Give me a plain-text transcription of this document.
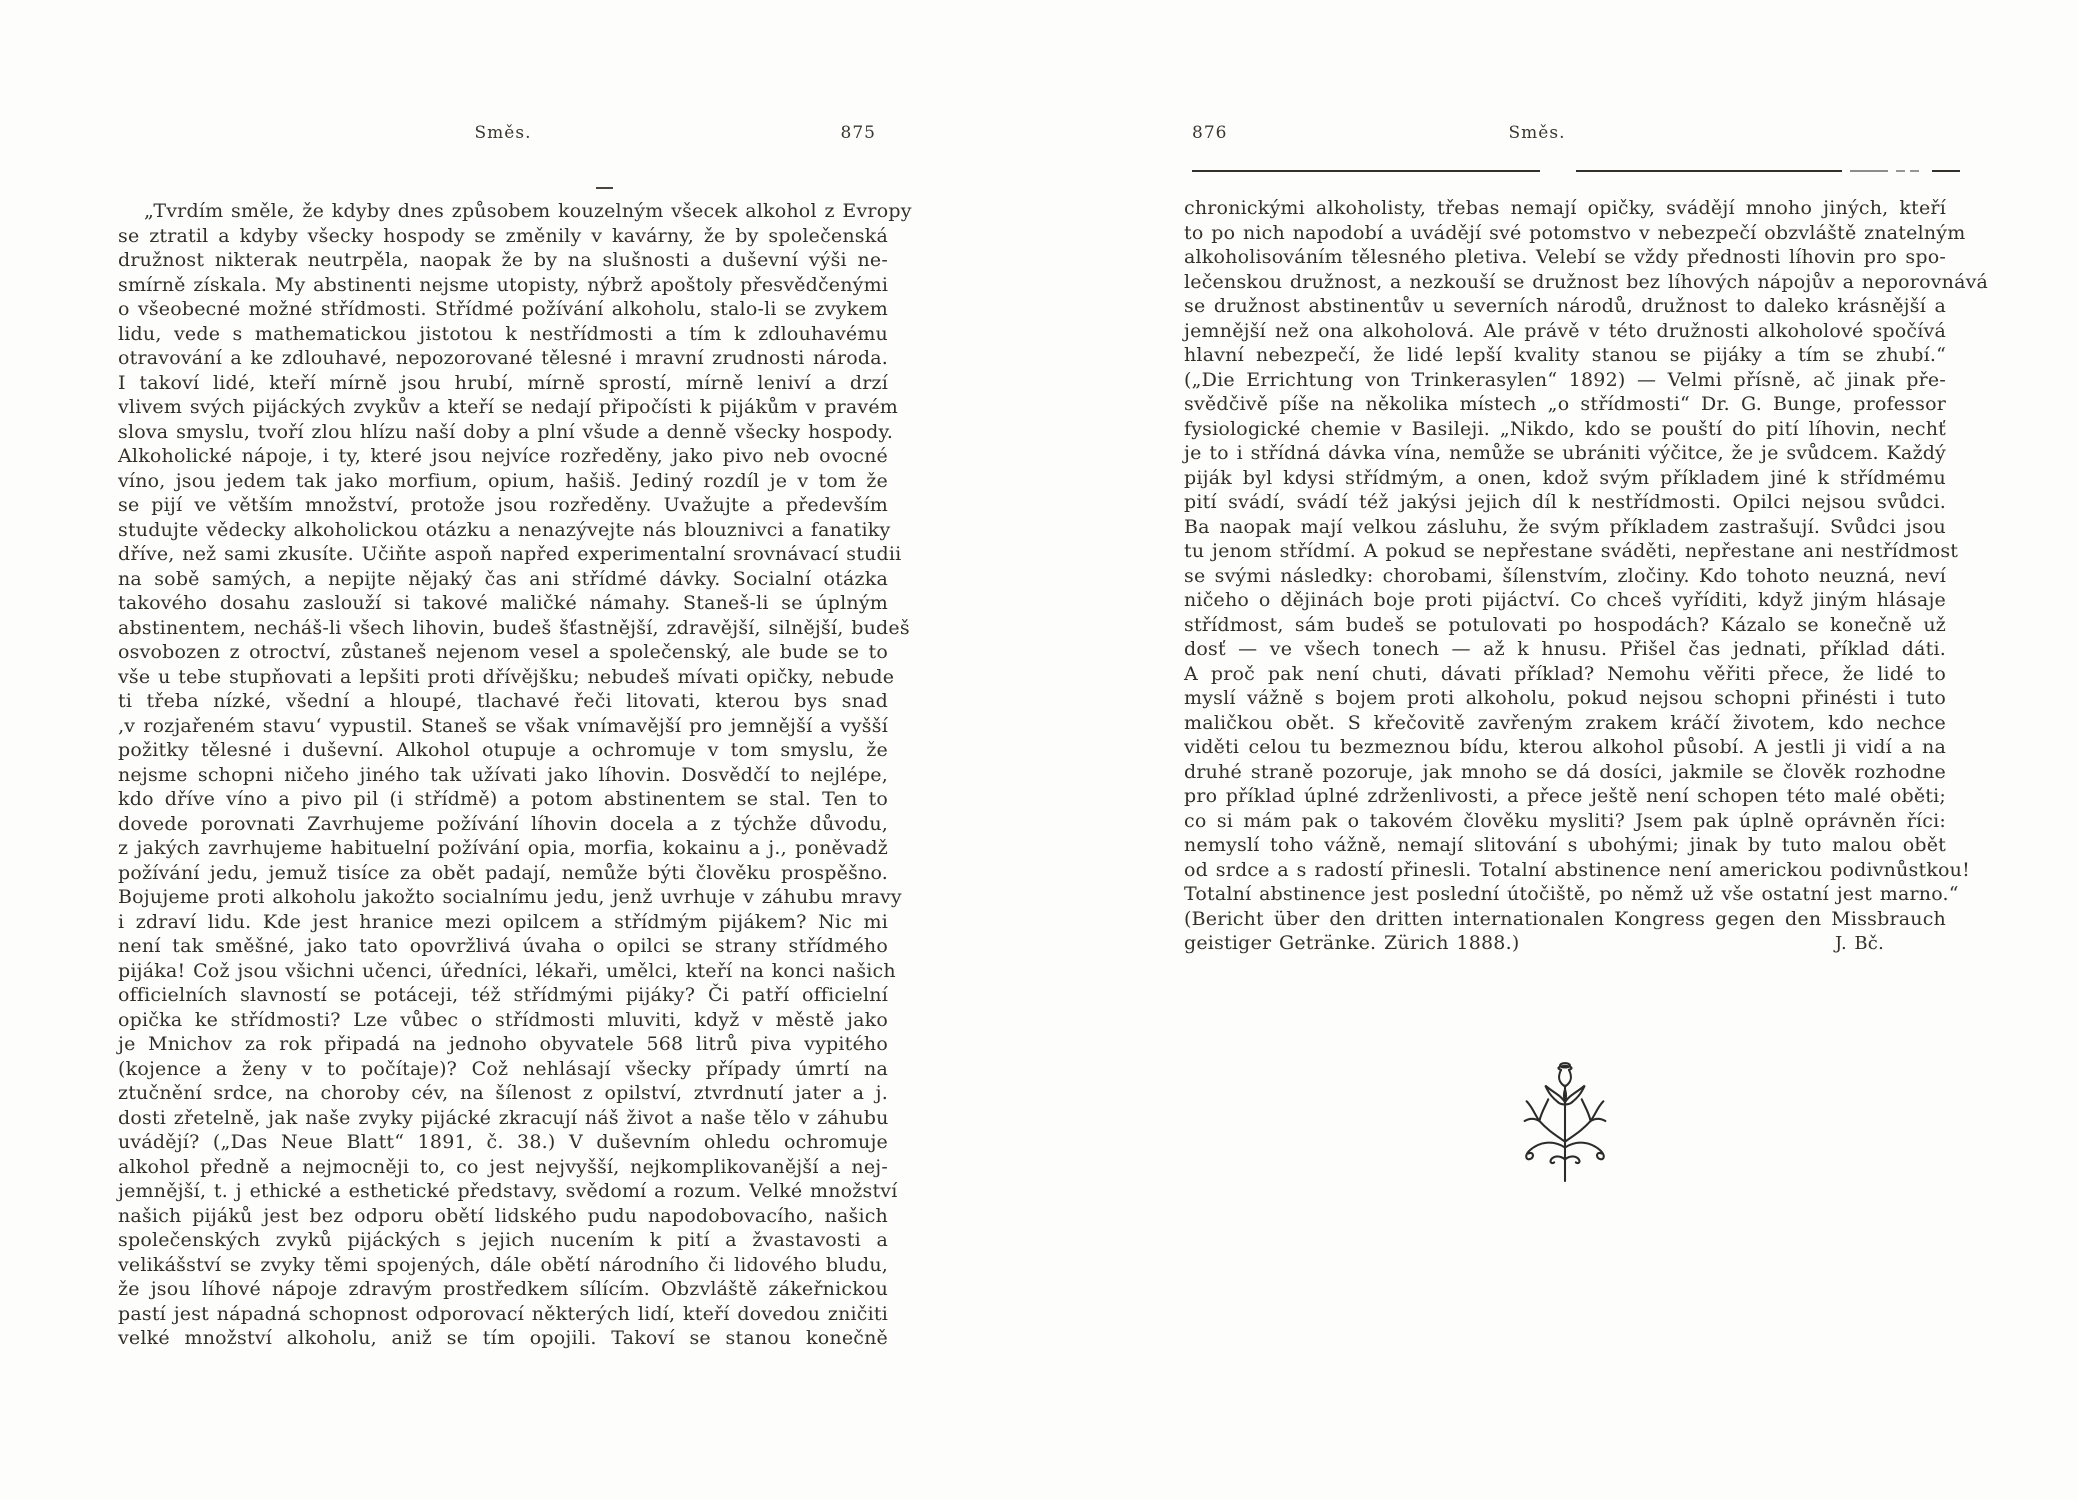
Směs.	875
„Tvrdím směle, že kdyby dnes způsobem kouzelným všecek alkohol z Evropy
se ztratil a kdyby všecky hospody se změnily v kavárny, že by společenská
družnost nikterak neutrpěla, naopak že by na slušnosti a duševní výši ne-
smírně získala. My abstinenti nejsme utopisty, nýbrž apoštoly přesvědčenými
o všeobecné možné střídmosti. Střídmé požívání alkoholu, stalo-li se zvykem
lidu, vede s mathematickou jistotou k nestřídmosti a tím k zdlouhavému
otravování a ke zdlouhavé, nepozorované tělesné i mravní zrudnosti národa.
I takoví lidé, kteří mírně jsou hrubí, mírně sprostí, mírně leniví a drzí
vlivem svých pijáckých zvykův a kteří se nedají připočísti k pijákům v pravém
slova smyslu, tvoří zlou hlízu naší doby a plní všude a denně všecky hospody.
Alkoholické nápoje, i ty, které jsou nejvíce rozředěny, jako pivo neb ovocné
víno, jsou jedem tak jako morfium, opium, hašiš. Jediný rozdíl je v tom že
se pijí ve větším množství, protože jsou rozředěny. Uvažujte a především
studujte vědecky alkoholickou otázku a nenazývejte nás blouznivci a fanatiky
dříve, než sami zkusíte. Učiňte aspoň napřed experimentalní srovnávací studii
na sobě samých, a nepijte nějaký čas ani střídmé dávky. Socialní otázka
takového dosahu zaslouží si takové maličké námahy. Staneš-li se úplným
abstinentem, necháš-li všech lihovin, budeš šťastnější, zdravější, silnější, budeš
osvobozen z otroctví, zůstaneš nejenom vesel a společenský, ale bude se to
vše u tebe stupňovati a lepšiti proti dřívějšku; nebudeš mívati opičky, nebude
ti třeba nízké, všední a hloupé, tlachavé řeči litovati, kterou bys snad
‚v rozjařeném stavu‘ vypustil. Staneš se však vnímavější pro jemnější a vyšší
požitky tělesné i duševní. Alkohol otupuje a ochromuje v tom smyslu, že
nejsme schopni ničeho jiného tak užívati jako líhovin. Dosvědčí to nejlépe,
kdo dříve víno a pivo pil (i střídmě) a potom abstinentem se stal. Ten to
dovede porovnati Zavrhujeme požívání líhovin docela a z týchže důvodu,
z jakých zavrhujeme habituelní požívání opia, morfia, kokainu a j., poněvadž
požívání jedu, jemuž tisíce za obět padají, nemůže býti člověku prospěšno.
Bojujeme proti alkoholu jakožto socialnímu jedu, jenž uvrhuje v záhubu mravy
i zdraví lidu. Kde jest hranice mezi opilcem a střídmým pijákem? Nic mi
není tak směšné, jako tato opovržlivá úvaha o opilci se strany střídmého
pijáka! Což jsou všichni učenci, úředníci, lékaři, umělci, kteří na konci našich
officielních slavností se potáceji, též střídmými pijáky? Či patří officielní
opička ke střídmosti? Lze vůbec o střídmosti mluviti, když v městě jako
je Mnichov za rok připadá na jednoho obyvatele 568 litrů piva vypitého
(kojence a ženy v to počítaje)? Což nehlásají všecky případy úmrtí na
ztučnění srdce, na choroby cév, na šílenost z opilství, ztvrdnutí jater a j.
dosti zřetelně, jak naše zvyky pijácké zkracují náš život a naše tělo v záhubu
uvádějí? („Das Neue Blatt“ 1891, č. 38.) V duševním ohledu ochromuje
alkohol předně a nejmocněji to, co jest nejvyšší, nejkomplikovanější a nej-
jemnější, t. j ethické a esthetické představy, svědomí a rozum. Velké množství
našich pijáků jest bez odporu obětí lidského pudu napodobovacího, našich
společenských zvyků pijáckých s jejich nucením k pití a žvastavosti a
velikášství se zvyky těmi spojených, dále obětí národního či lidového bludu,
že jsou líhové nápoje zdravým prostředkem sílícím. Obzvláště zákeřnickou
pastí jest nápadná schopnost odporovací některých lidí, kteří dovedou zničiti
velké množství alkoholu, aniž se tím opojili. Takoví se stanou konečně
876	Směs.
chronickými alkoholisty, třebas nemají opičky, svádějí mnoho jiných, kteří
to po nich napodobí a uvádějí své potomstvo v nebezpečí obzvláště znatelným
alkoholisováním tělesného pletiva. Velebí se vždy přednosti líhovin pro spo-
lečenskou družnost, a nezkouší se družnost bez líhových nápojův a neporovnává
se družnost abstinentův u severních národů, družnost to daleko krásnější a
jemnější než ona alkoholová. Ale právě v této družnosti alkoholové spočívá
hlavní nebezpečí, že lidé lepší kvality stanou se pijáky a tím se zhubí.“
(„Die Errichtung von Trinkerasylen“ 1892) — Velmi přísně, ač jinak pře-
svědčivě píše na několika místech „o střídmosti“ Dr. G. Bunge, professor
fysiologické chemie v Basileji. „Nikdo, kdo se pouští do pití líhovin, nechť
je to i střídná dávka vína, nemůže se ubrániti výčitce, že je svůdcem. Každý
piják byl kdysi střídmým, a onen, kdož svým příkladem jiné k střídmému
pití svádí, svádí též jakýsi jejich díl k nestřídmosti. Opilci nejsou svůdci.
Ba naopak mají velkou zásluhu, že svým příkladem zastrašují. Svůdci jsou
tu jenom střídmí. A pokud se nepřestane sváděti, nepřestane ani nestřídmost
se svými následky: chorobami, šílenstvím, zločiny. Kdo tohoto neuzná, neví
ničeho o dějinách boje proti pijáctví. Co chceš vyříditi, když jiným hlásaje
střídmost, sám budeš se potulovati po hospodách? Kázalo se konečně už
dosť — ve všech tonech — až k hnusu. Přišel čas jednati, příklad dáti.
A proč pak není chuti, dávati příklad? Nemohu věřiti přece, že lidé to
myslí vážně s bojem proti alkoholu, pokud nejsou schopni přinésti i tuto
maličkou obět. S křečovitě zavřeným zrakem kráčí životem, kdo nechce
viděti celou tu bezmeznou bídu, kterou alkohol působí. A jestli ji vidí a na
druhé straně pozoruje, jak mnoho se dá dosíci, jakmile se člověk rozhodne
pro příklad úplné zdrženlivosti, a přece ještě není schopen této malé oběti;
co si mám pak o takovém člověku mysliti? Jsem pak úplně oprávněn říci:
nemyslí toho vážně, nemají slitování s ubohými; jinak by tuto malou obět
od srdce a s radostí přinesli. Totalní abstinence není americkou podivnůstkou!
Totalní abstinence jest poslední útočiště, po němž už vše ostatní jest marno.“
(Bericht über den dritten internationalen Kongress gegen den Missbrauch
geistiger Getränke. Zürich 1888.)	J. Bč.
